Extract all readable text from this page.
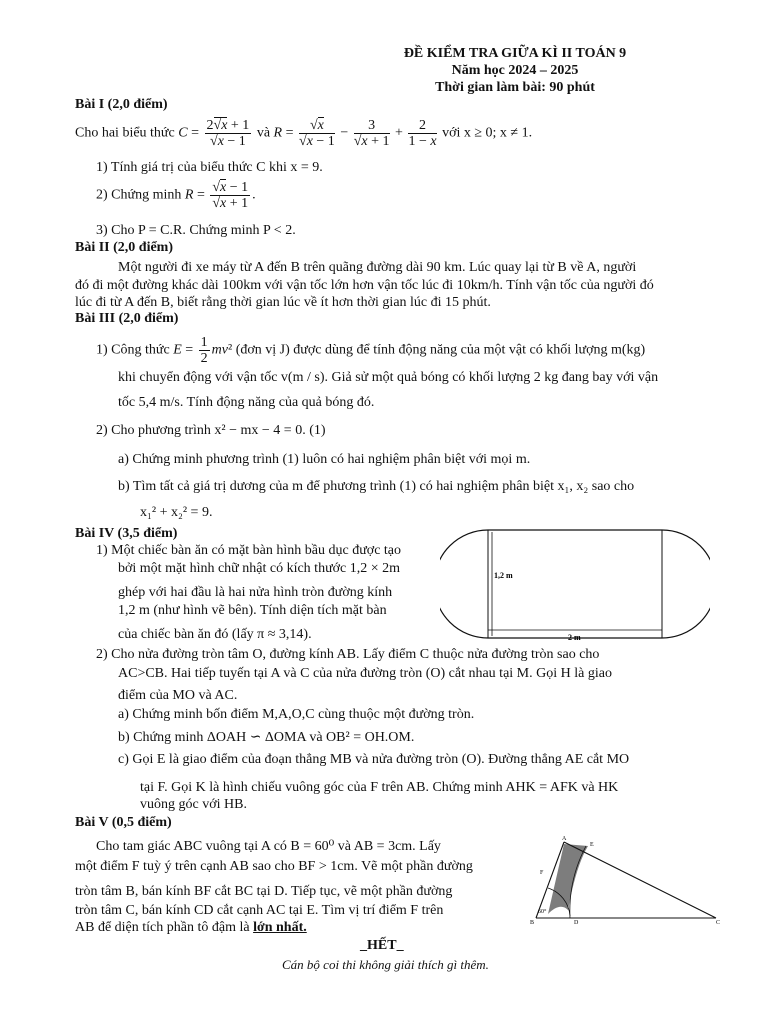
ĐỀ KIỂM TRA GIỮA KÌ II TOÁN 9
Năm học 2024 – 2025
Thời gian làm bài: 90 phút
Bài I (2,0 điểm)
Cho hai biểu thức $C = \frac{2√x + 1}{√x - 1}$ và $R = \frac{√x}{√x - 1} - \frac{3}{√x + 1} + \frac{2}{1 - x}$ với x ≥ 0; x ≠ 1.
1) Tính giá trị của biểu thức C khi x = 9.
2) Chứng minh $R = \frac{√x - 1}{√x + 1}$ .
3) Cho P = C.R. Chứng minh P < 2.
Bài II (2,0 điểm)
Một người đi xe máy từ A đến B trên quãng đường dài 90 km. Lúc quay lại từ B về A, người
đó đi một đường khác dài 100km với vận tốc lớn hơn vận tốc lúc đi 10km/h. Tính vận tốc của người đó
lúc đi từ A đến B, biết rằng thời gian lúc về ít hơn thời gian lúc đi 15 phút.
Bài III (2,0 điểm)
1) Công thức $E = \frac{1}{2} mv^2$ (đơn vị J) được dùng để tính động năng của một vật có khối lượng m(kg)
khi chuyển động với vận tốc v(m / s). Giả sử một quả bóng có khối lượng 2 kg đang bay với vận
tốc 5,4 m/s. Tính động năng của quả bóng đó.
2) Cho phương trình x² − mx − 4 = 0. (1)
a) Chứng minh phương trình (1) luôn có hai nghiệm phân biệt với mọi m.
b) Tìm tất cả giá trị dương của m để phương trình (1) có hai nghiệm phân biệt x₁, x₂ sao cho
x₁² + x₂² = 9.
Bài IV (3,5 điểm)
1) Một chiếc bàn ăn có mặt bàn hình bầu dục được tạo
bởi một mặt hình chữ nhật có kích thước 1,2 × 2m
ghép với hai đầu là hai nửa hình tròn đường kính
1,2 m (như hình vẽ bên). Tính diện tích mặt bàn
của chiếc bàn ăn đó (lấy π ≈ 3,14).
1,2 m
2 m
2) Cho nửa đường tròn tâm O, đường kính AB. Lấy điểm C thuộc nửa đường tròn sao cho
AC>CB. Hai tiếp tuyến tại A và C của nửa đường tròn (O) cắt nhau tại M. Gọi H là giao
điểm của MO và AC.
a) Chứng minh bốn điểm M,A,O,C cùng thuộc một đường tròn.
b) Chứng minh ΔOAH ∽ ΔOMA và OB² = OH.OM.
c) Gọi E là giao điểm của đoạn thẳng MB và nửa đường tròn (O). Đường thẳng AE cắt MO
tại F. Gọi K là hình chiếu vuông góc của F trên AB. Chứng minh AHK = AFK và HK
vuông góc với HB.
Bài V (0,5 điểm)
Cho tam giác ABC vuông tại A có B = 60⁰ và AB = 3cm. Lấy
một điểm F tuỳ ý trên cạnh AB sao cho BF > 1cm. Vẽ một phần đường
tròn tâm B, bán kính BF cắt BC tại D. Tiếp tục, vẽ một phần đường
tròn tâm C, bán kính CD cắt cạnh AC tại E. Tìm vị trí điểm F trên
AB để diện tích phần tô đậm là lớn nhất.
A
E
F
B	D	C
60°
_HẾT_
Cán bộ coi thi không giải thích gì thêm.
